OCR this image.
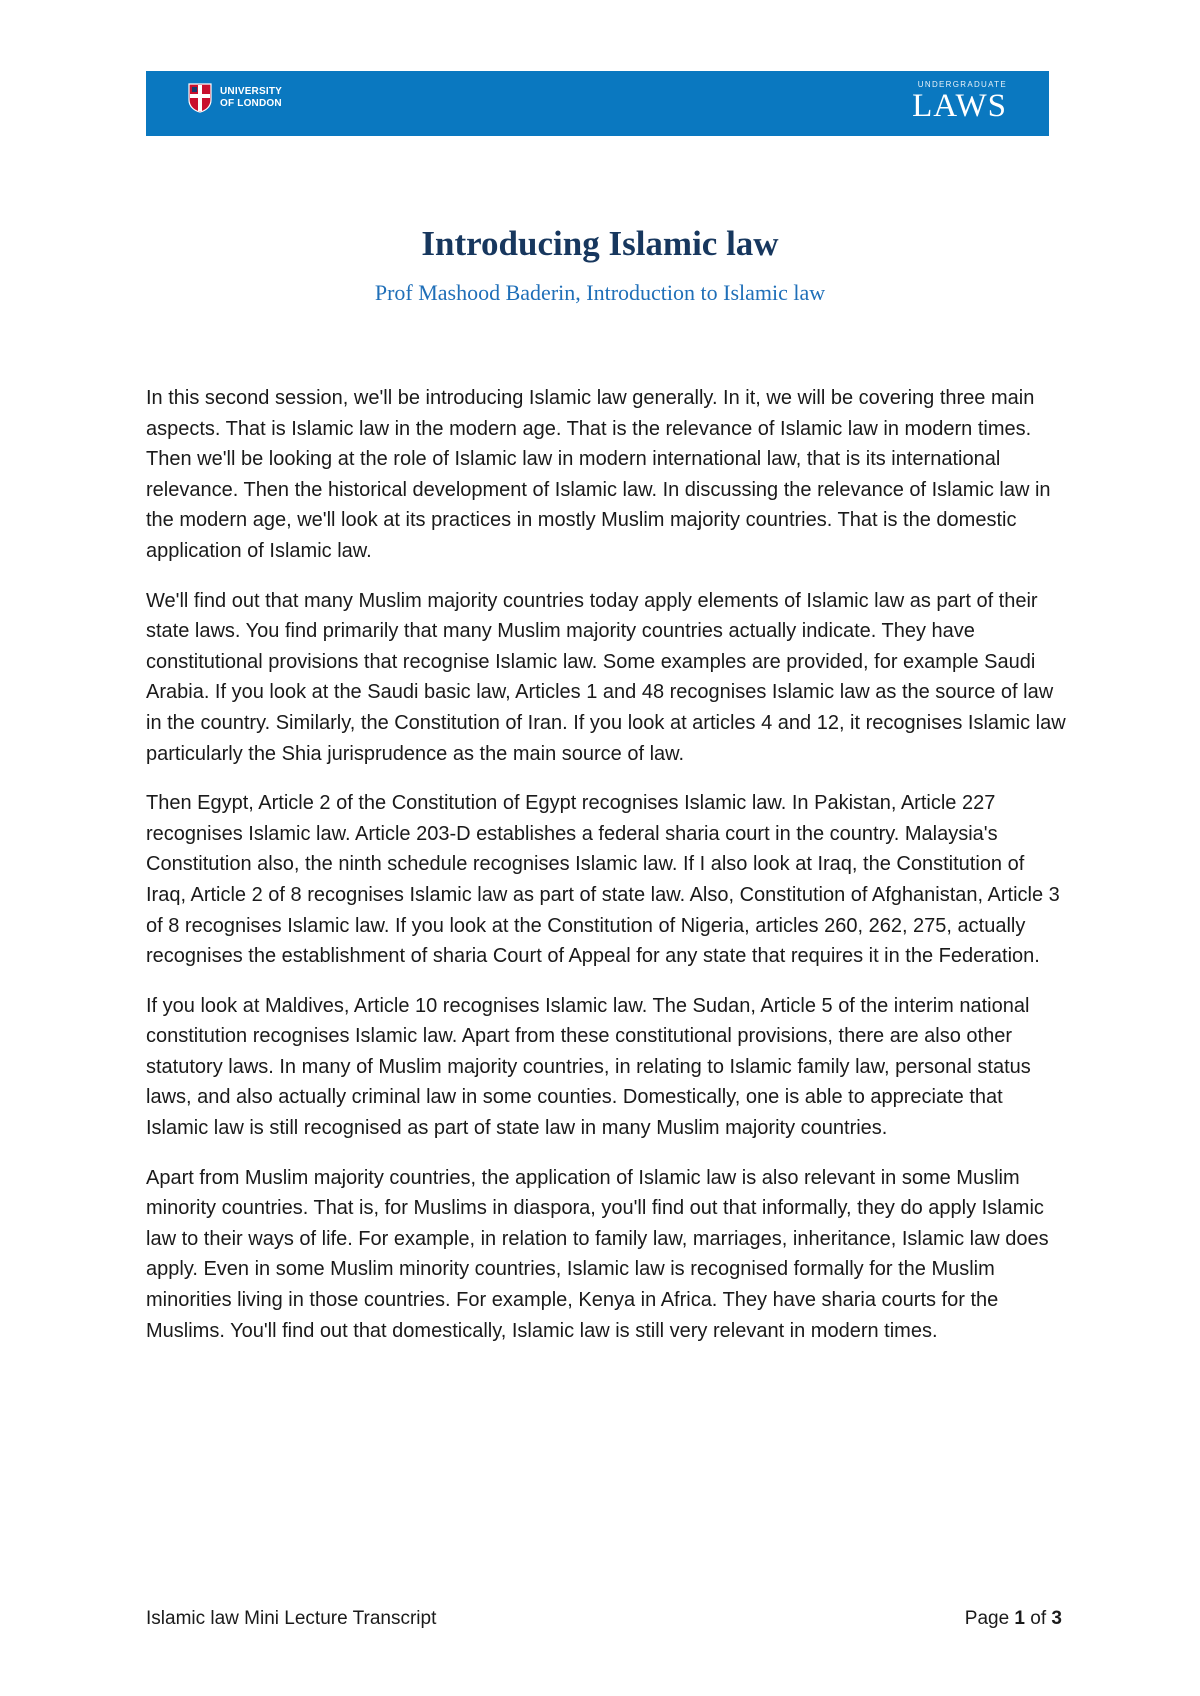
UNIVERSITY
OF LONDON
UNDERGRADUATE
LAWS
Introducing Islamic law
Prof Mashood Baderin, Introduction to Islamic law

In this second session, we'll be introducing Islamic law generally. In it, we will be covering three main aspects. That is Islamic law in the modern age. That is the relevance of Islamic law in modern times. Then we'll be looking at the role of Islamic law in modern international law, that is its international relevance. Then the historical development of Islamic law. In discussing the relevance of Islamic law in the modern age, we'll look at its practices in mostly Muslim majority countries. That is the domestic application of Islamic law.

We'll find out that many Muslim majority countries today apply elements of Islamic law as part of their state laws. You find primarily that many Muslim majority countries actually indicate. They have constitutional provisions that recognise Islamic law. Some examples are provided, for example Saudi Arabia. If you look at the Saudi basic law, Articles 1 and 48 recognises Islamic law as the source of law in the country. Similarly, the Constitution of Iran. If you look at articles 4 and 12, it recognises Islamic law particularly the Shia jurisprudence as the main source of law.

Then Egypt, Article 2 of the Constitution of Egypt recognises Islamic law. In Pakistan, Article 227 recognises Islamic law. Article 203-D establishes a federal sharia court in the country. Malaysia's Constitution also, the ninth schedule recognises Islamic law. If I also look at Iraq, the Constitution of Iraq, Article 2 of 8 recognises Islamic law as part of state law. Also, Constitution of Afghanistan, Article 3 of 8 recognises Islamic law. If you look at the Constitution of Nigeria, articles 260, 262, 275, actually recognises the establishment of sharia Court of Appeal for any state that requires it in the Federation.

If you look at Maldives, Article 10 recognises Islamic law. The Sudan, Article 5 of the interim national constitution recognises Islamic law. Apart from these constitutional provisions, there are also other statutory laws. In many of Muslim majority countries, in relating to Islamic family law, personal status laws, and also actually criminal law in some counties. Domestically, one is able to appreciate that Islamic law is still recognised as part of state law in many Muslim majority countries.

Apart from Muslim majority countries, the application of Islamic law is also relevant in some Muslim minority countries. That is, for Muslims in diaspora, you'll find out that informally, they do apply Islamic law to their ways of life. For example, in relation to family law, marriages, inheritance, Islamic law does apply. Even in some Muslim minority countries, Islamic law is recognised formally for the Muslim minorities living in those countries. For example, Kenya in Africa. They have sharia courts for the Muslims. You'll find out that domestically, Islamic law is still very relevant in modern times.

Islamic law Mini Lecture Transcript	Page 1 of 3
